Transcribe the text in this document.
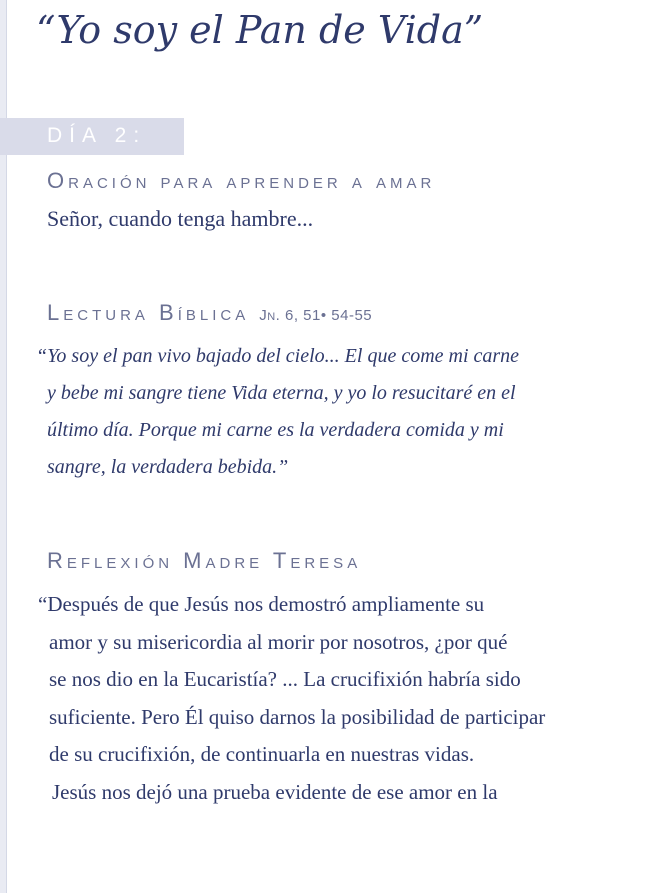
“Yo soy el Pan de Vida”
DÍA 2:
Oración para aprender a amar

Señor, cuando tenga hambre...

Lectura Bíblica Jn. 6, 51• 54-55
“Yo soy el pan vivo bajado del cielo... El que come mi carne
y bebe mi sangre tiene Vida eterna, y yo lo resucitaré en el
último día. Porque mi carne es la verdadera comida y mi
sangre, la verdadera bebida.”
Reflexión Madre Teresa
“Después de que Jesús nos demostró ampliamente su
amor y su misericordia al morir por nosotros, ¿por qué
se nos dio en la Eucaristía? ... La crucifixión habría sido
suficiente. Pero Él quiso darnos la posibilidad de participar
de su crucifixión, de continuarla en nuestras vidas.
Jesús nos dejó una prueba evidente de ese amor en la
